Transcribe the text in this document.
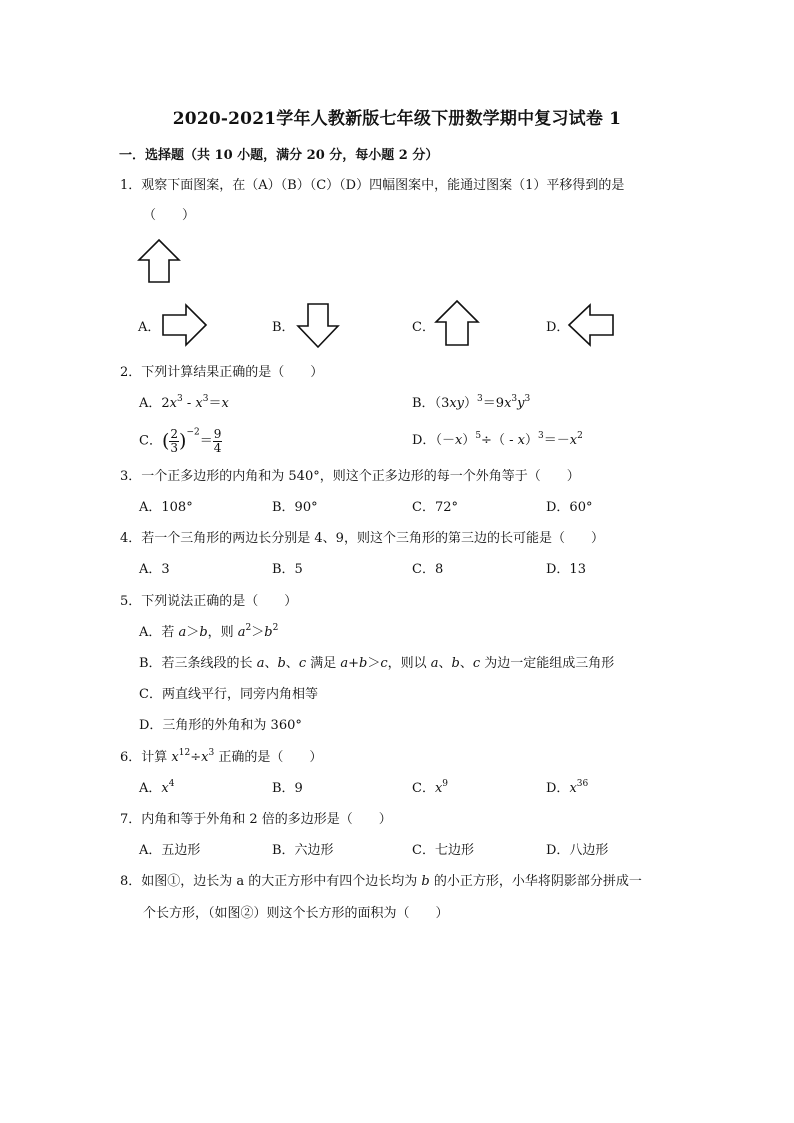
2020-2021学年人教新版七年级下册数学期中复习试卷 1
一．选择题（共 10 小题，满分 20 分，每小题 2 分）
1．观察下面图案，在（A）（B）（C）（D）四幅图案中，能通过图案（1）平移得到的是
（　　）
A．	B．	C．	D．
2．下列计算结果正确的是（　　）
A．$2x^3 - x^3=x$	B．$(3xy)^3=9x^3y^3$
C．( $\frac{2}{3} )^{-2}= \frac{9}{4}$	D．$(-x)^5\div( - x)^3=-x^2$
3．一个正多边形的内角和为 540°，则这个正多边形的每一个外角等于（　　）
A．108°	B．90°	C．72°	D．60°
4．若一个三角形的两边长分别是 4、9，则这个三角形的第三边的长可能是（　　）
A．3	B．5	C．8	D．13
5．下列说法正确的是（　　）
A．若 a＞b，则 $a^2>b^2$
B．若三条线段的长 a、b、c 满足 a+b＞c，则以 a、b、c 为边一定能组成三角形
C．两直线平行，同旁内角相等
D．三角形的外角和为 360°
6．计算 $x^{12}\div x^3$ 正确的是（　　）
A．$x^4$	B．9	C．$x^9$	D．$x^{36}$
7．内角和等于外角和 2 倍的多边形是（　　）
A．五边形	B．六边形	C．七边形	D．八边形
8．如图①，边长为 a 的大正方形中有四个边长均为 b 的小正方形，小华将阴影部分拼成一
个长方形，（如图②）则这个长方形的面积为（　　）
